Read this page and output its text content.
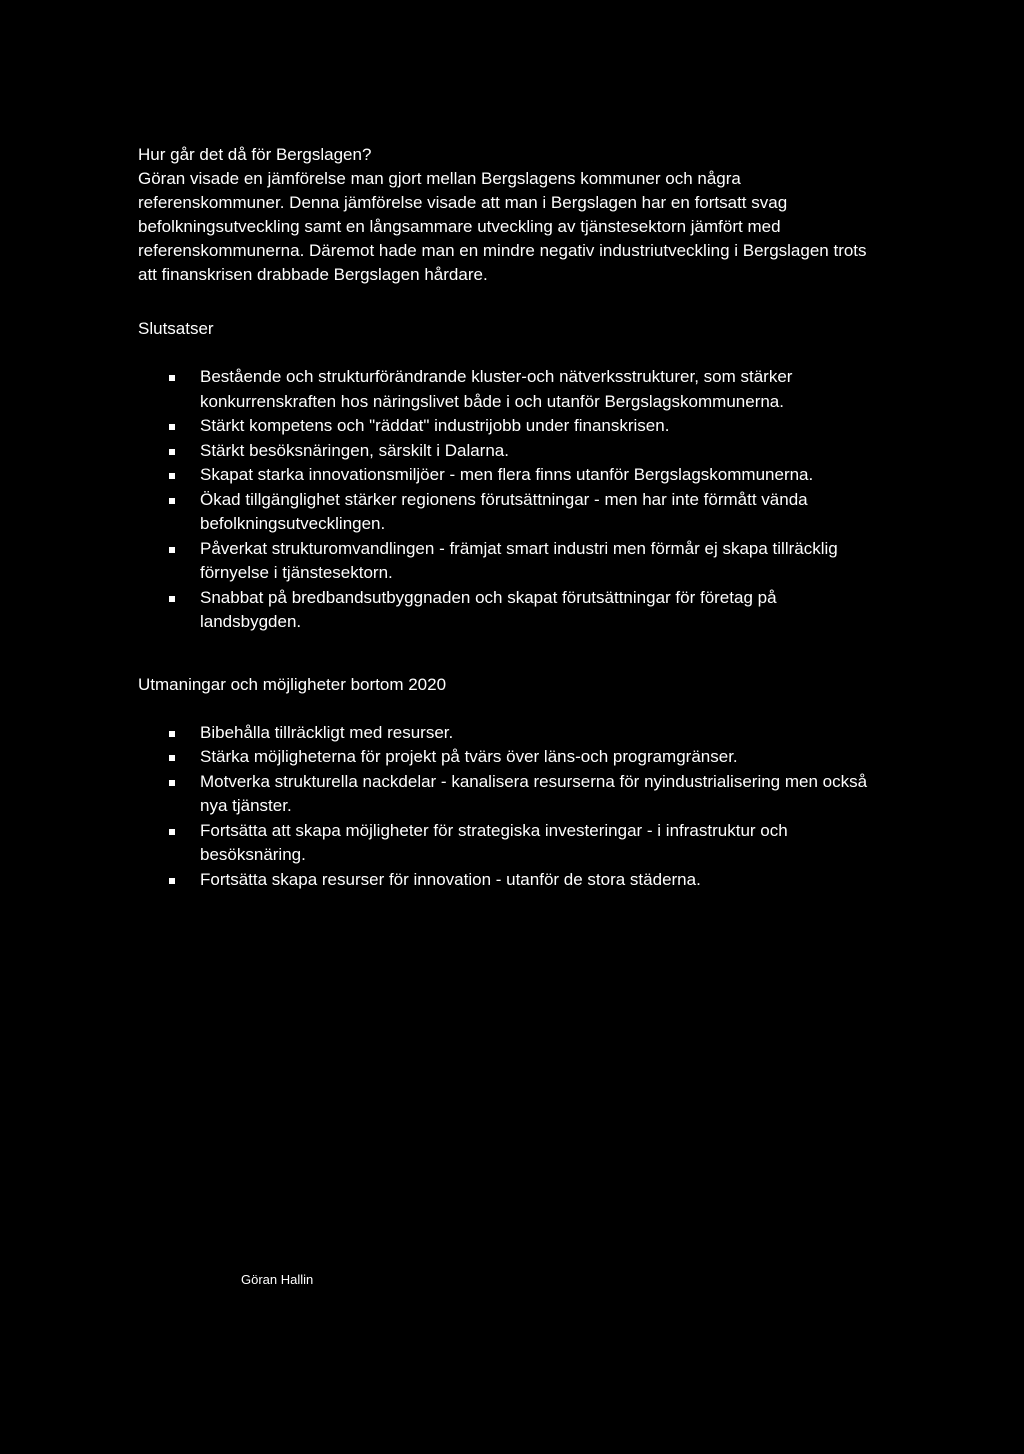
Hur går det då för Bergslagen?

Göran visade en jämförelse man gjort mellan Bergslagens kommuner och några referenskommuner. Denna jämförelse visade att man i Bergslagen har en fortsatt svag befolkningsutveckling samt en långsammare utveckling av tjänstesektorn jämfört med referenskommunerna. Däremot hade man en mindre negativ industriutveckling i Bergslagen trots att finanskrisen drabbade Bergslagen hårdare.

Slutsatser

Bestående och strukturförändrande kluster-och nätverksstrukturer, som stärker konkurrenskraften hos näringslivet både i och utanför Bergslagskommunerna.
Stärkt kompetens och "räddat" industrijobb under finanskrisen.
Stärkt besöksnäringen, särskilt i Dalarna.
Skapat starka innovationsmiljöer - men flera finns utanför Bergslagskommunerna.
Ökad tillgänglighet stärker regionens förutsättningar - men har inte förmått vända befolkningsutvecklingen.
Påverkat strukturomvandlingen - främjat smart industri men förmår ej skapa tillräcklig förnyelse i tjänstesektorn.
Snabbat på bredbandsutbyggnaden och skapat förutsättningar för företag på landsbygden.

Utmaningar och möjligheter bortom 2020

Bibehålla tillräckligt med resurser.
Stärka möjligheterna för projekt på tvärs över läns-och programgränser.
Motverka strukturella nackdelar - kanalisera resurserna för nyindustrialisering men också nya tjänster.
Fortsätta att skapa möjligheter för strategiska investeringar - i infrastruktur och besöksnäring.
Fortsätta skapa resurser för innovation - utanför de stora städerna.
Göran Hallin
